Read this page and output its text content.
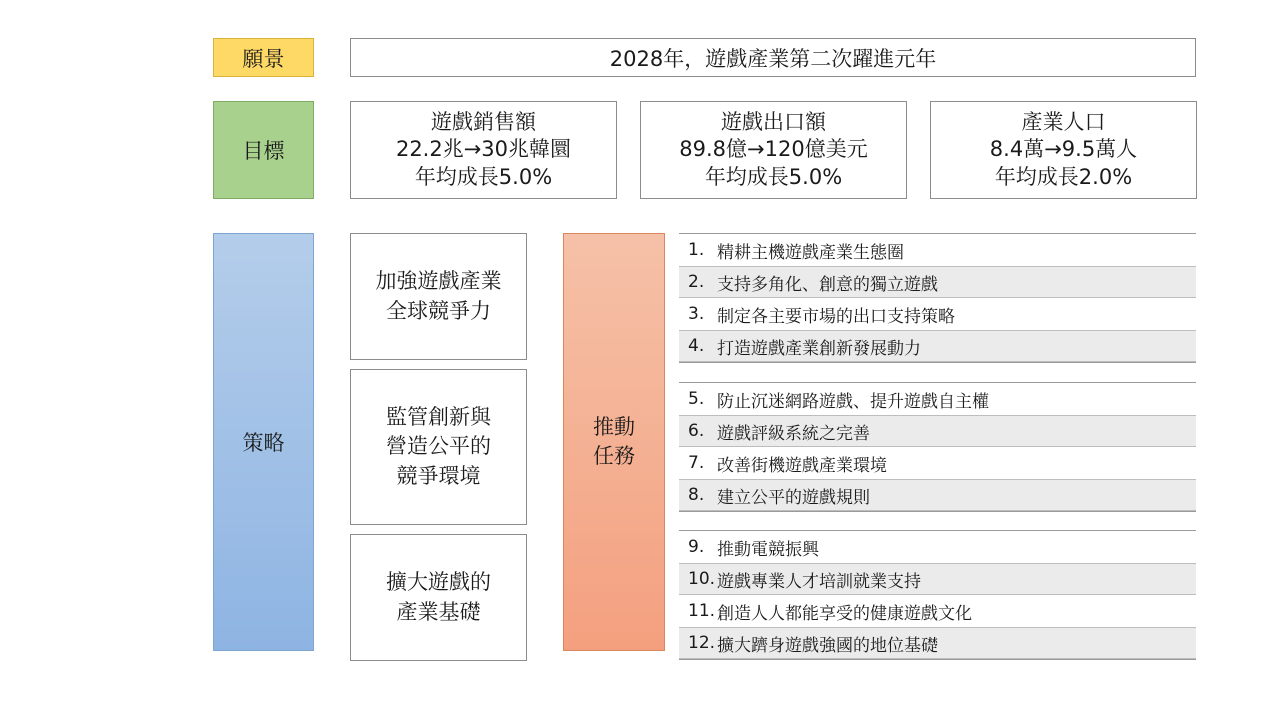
願景	2028年，遊戲產業第二次躍進元年
目標
遊戲銷售額
22.2兆→30兆韓圜
年均成長5.0%
遊戲出口額
89.8億→120億美元
年均成長5.0%
產業人口
8.4萬→9.5萬人
年均成長2.0%
策略
加強遊戲產業
全球競爭力
監管創新與
營造公平的
競爭環境
擴大遊戲的
產業基礎
推動
任務
1. 精耕主機遊戲產業生態圈
2. 支持多角化、創意的獨立遊戲
3. 制定各主要市場的出口支持策略
4. 打造遊戲產業創新發展動力
5. 防止沉迷網路遊戲、提升遊戲自主權
6. 遊戲評級系統之完善
7. 改善街機遊戲產業環境
8. 建立公平的遊戲規則
9. 推動電競振興
10. 遊戲專業人才培訓就業支持
11. 創造人人都能享受的健康遊戲文化
12. 擴大躋身遊戲強國的地位基礎
